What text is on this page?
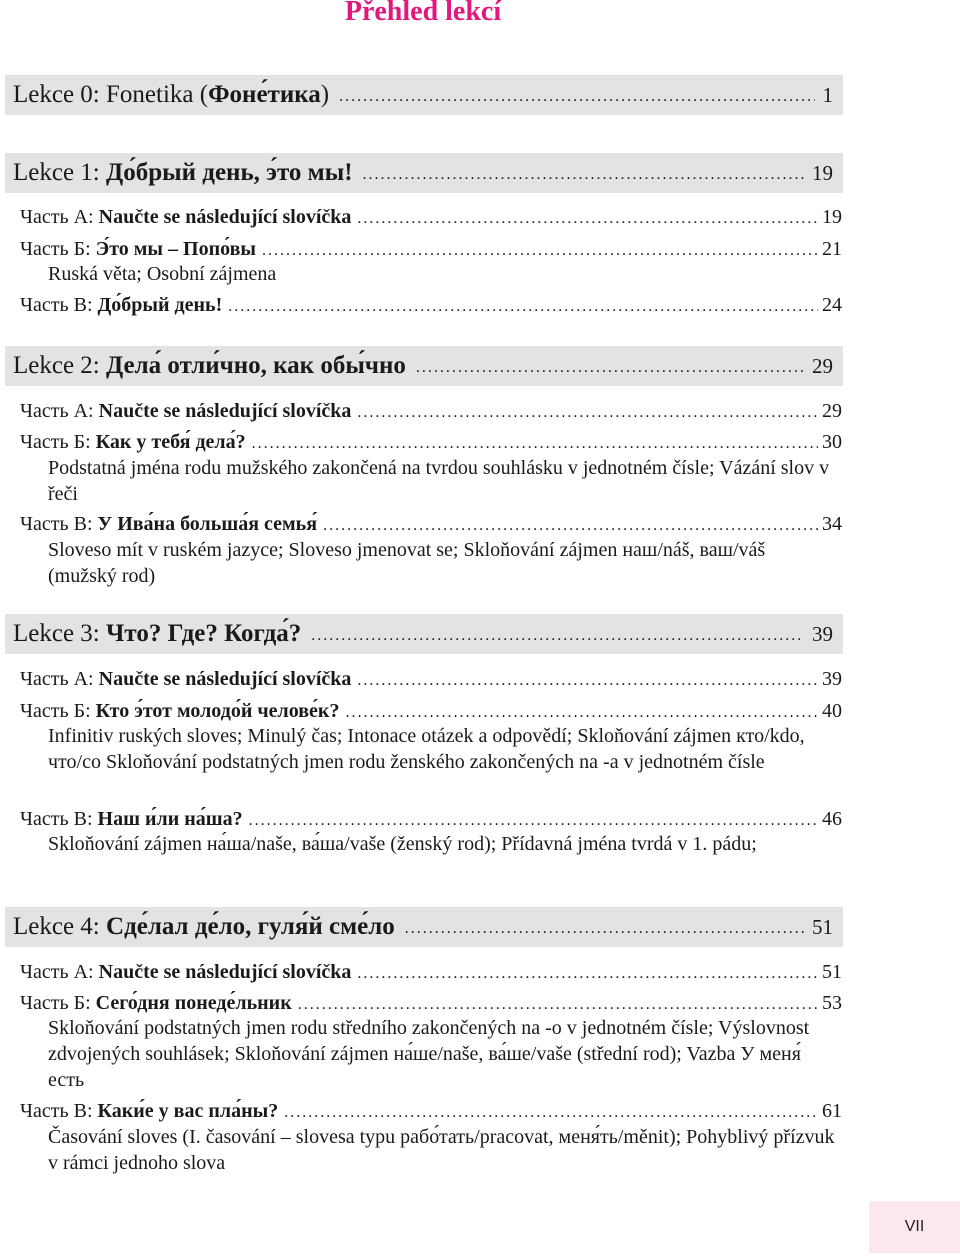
Přehled lekcí
Lekce 0: Fonetika (Фоне́тика) . . .	1
Lekce 1: До́брый день, э́то мы! . . .	19
Часть А: Naučte se následující slovíčka . . .	19
Часть Б: Э́то мы – Попо́вы . . .	21
Ruská věta; Osobní zájmena
Часть В: До́брый день! . . .	24
Lekce 2: Дела́ отли́чно, как обы́чно . . .	29
Часть А: Naučte se následující slovíčka . . .	29
Часть Б: Как у тебя́ дела́? . . .	30
Podstatná jména rodu mužského zakončená na tvrdou souhlásku v jednotném čísle; Vázání slov v řeči
Часть В: У Ива́на больша́я семья́ . . .	34
Sloveso mít v ruském jazyce; Sloveso jmenovat se; Skloňování zájmen наш/náš, ваш/váš (mužský rod)
Lekce 3: Что? Где? Когда́? . . .	39
Часть А: Naučte se následující slovíčka . . .	39
Часть Б: Кто э́тот молодо́й челове́к? . . .	40
Infinitiv ruských sloves; Minulý čas; Intonace otázek a odpovědí; Skloňování zájmen кто/kdo, что/co Skloňování podstatných jmen rodu ženského zakončených na -a v jednotném čísle
Часть В: Наш и́ли на́ша? . . .	46
Skloňování zájmen на́ша/naše, ва́ша/vaše (ženský rod); Přídavná jména tvrdá v 1. pádu;
Lekce 4: Сде́лал де́ло, гуля́й сме́ло . . .	51
Часть А: Naučte se následující slovíčka . . .	51
Часть Б: Сего́дня понеде́льник . . .	53
Skloňování podstatných jmen rodu středního zakončených na -o v jednotném čísle; Výslovnost zdvojených souhlásek; Skloňování zájmen на́ше/naše, ва́ше/vaše (střední rod); Vazba У меня́ есть
Часть В: Каки́е у вас пла́ны? . . .	61
Časování sloves (I. časování – slovesa typu рабо́тать/pracovat, меня́ть/měnit); Pohyblivý přízvuk v rámci jednoho slova
VII
